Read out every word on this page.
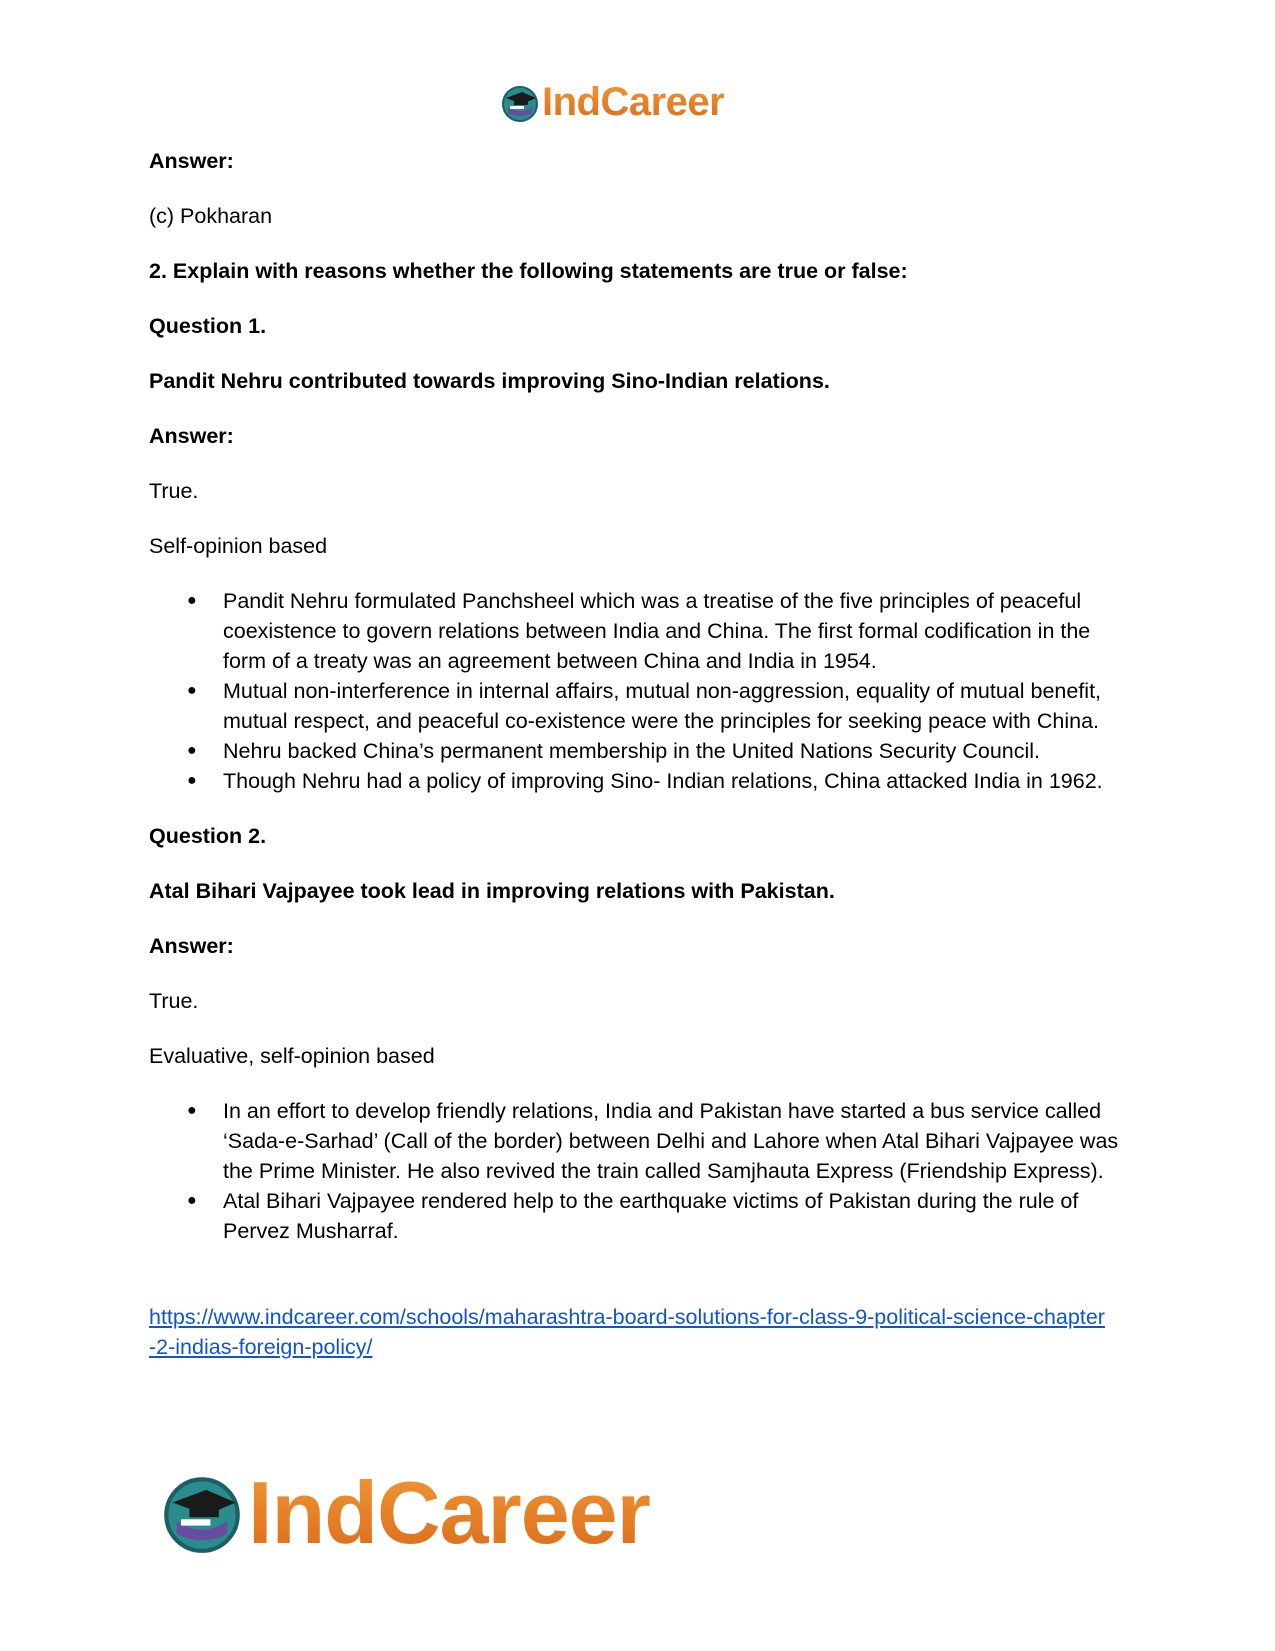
IndCareer

Answer:

(c) Pokharan

2. Explain with reasons whether the following statements are true or false:

Question 1.

Pandit Nehru contributed towards improving Sino-Indian relations.

Answer:

True.

Self-opinion based

● Pandit Nehru formulated Panchsheel which was a treatise of the five principles of peaceful coexistence to govern relations between India and China. The first formal codification in the form of a treaty was an agreement between China and India in 1954.
● Mutual non-interference in internal affairs, mutual non-aggression, equality of mutual benefit, mutual respect, and peaceful co-existence were the principles for seeking peace with China.
● Nehru backed China’s permanent membership in the United Nations Security Council.
● Though Nehru had a policy of improving Sino- Indian relations, China attacked India in 1962.

Question 2.

Atal Bihari Vajpayee took lead in improving relations with Pakistan.

Answer:

True.

Evaluative, self-opinion based

● In an effort to develop friendly relations, India and Pakistan have started a bus service called ‘Sada-e-Sarhad’ (Call of the border) between Delhi and Lahore when Atal Bihari Vajpayee was the Prime Minister. He also revived the train called Samjhauta Express (Friendship Express).
● Atal Bihari Vajpayee rendered help to the earthquake victims of Pakistan during the rule of Pervez Musharraf.
https://www.indcareer.com/schools/maharashtra-board-solutions-for-class-9-political-science-chapter-2-indias-foreign-policy/
IndCareer
